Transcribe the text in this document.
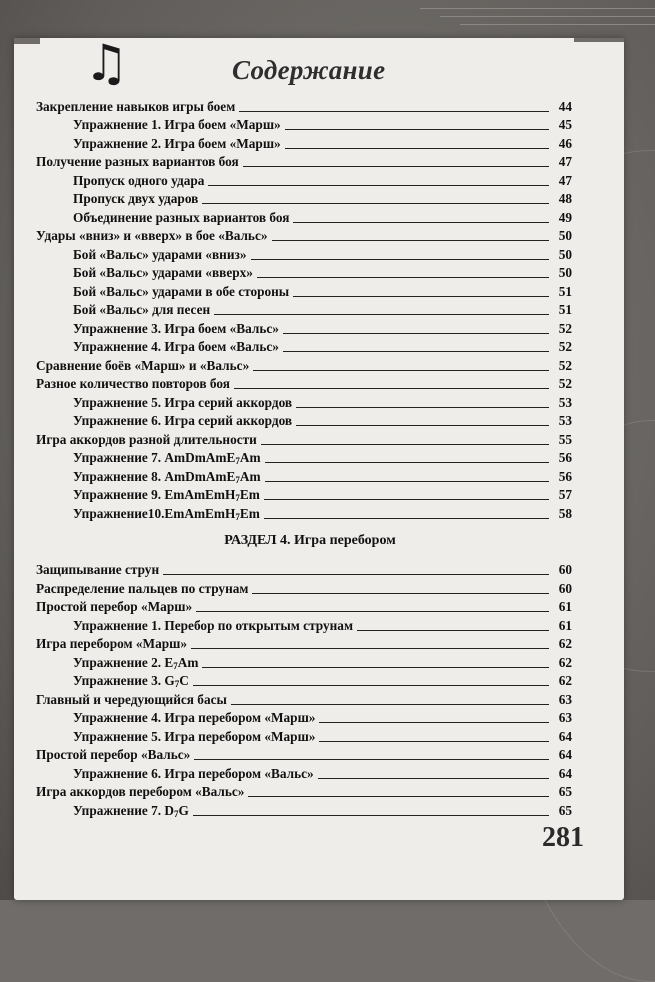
♫	Содержание
Закрепление навыков игры боем	44
Упражнение 1. Игра боем «Марш»	45
Упражнение 2. Игра боем «Марш»	46
Получение разных вариантов боя	47
Пропуск одного удара	47
Пропуск двух ударов	48
Объединение разных вариантов боя	49
Удары «вниз» и «вверх» в бое «Вальс»	50
Бой «Вальс» ударами «вниз»	50
Бой «Вальс» ударами «вверх»	50
Бой «Вальс» ударами в обе стороны	51
Бой «Вальс» для песен	51
Упражнение 3. Игра боем «Вальс»	52
Упражнение 4. Игра боем «Вальс»	52
Сравнение боёв «Марш» и «Вальс»	52
Разное количество повторов боя	52
Упражнение 5. Игра серий аккордов	53
Упражнение 6. Игра серий аккордов	53
Игра аккордов разной длительности	55
Упражнение 7. AmDmAmE$_7$Am	56
Упражнение 8. AmDmAmE$_7$Am	56
Упражнение 9. EmAmEmH$_7$Em	57
Упражнение10.EmAmEmH$_7$Em	58
РАЗДЕЛ 4. Игра перебором
Защипывание струн	60
Распределение пальцев по струнам	60
Простой перебор «Марш»	61
Упражнение 1. Перебор по открытым струнам	61
Игра перебором «Марш»	62
Упражнение 2. $E_7Am$	62
Упражнение 3. $G_7C$	62
Главный и чередующийся басы	63
Упражнение 4. Игра перебором «Марш»	63
Упражнение 5. Игра перебором «Марш»	64
Простой перебор «Вальс»	64
Упражнение 6. Игра перебором «Вальс»	64
Игра аккордов перебором «Вальс»	65
Упражнение 7. $D_7G$	65
281
